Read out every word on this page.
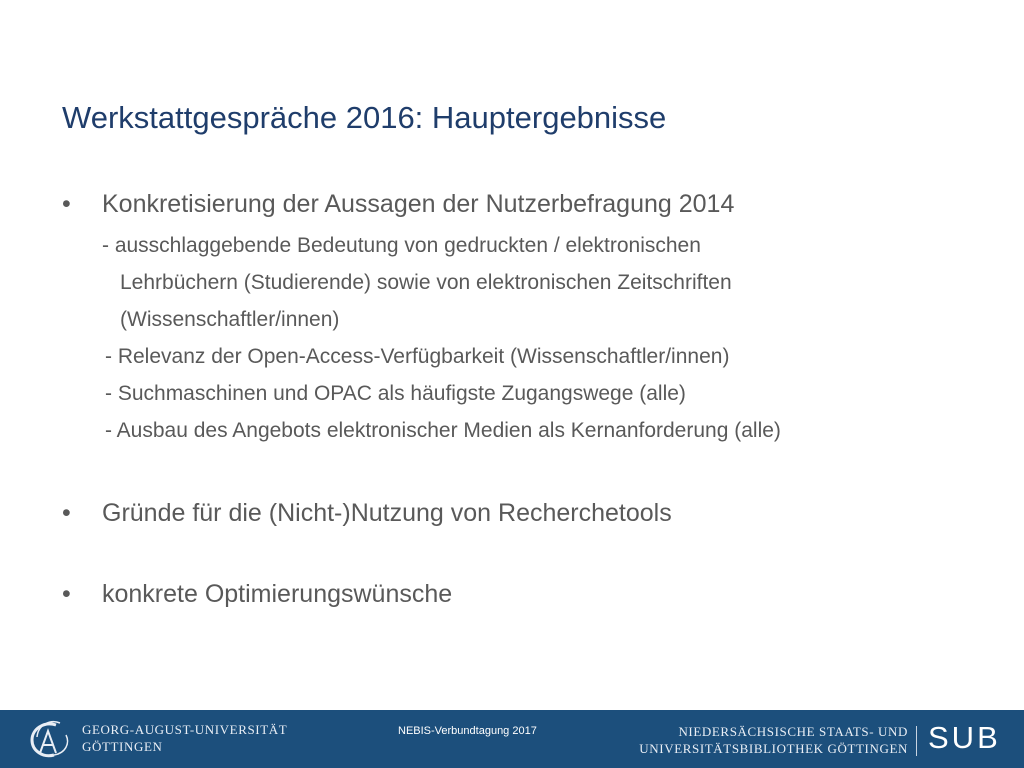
Werkstattgespräche 2016: Hauptergebnisse
• Konkretisierung der Aussagen der Nutzerbefragung 2014
- ausschlaggebende Bedeutung von gedruckten / elektronischen
Lehrbüchern (Studierende) sowie von elektronischen Zeitschriften
(Wissenschaftler/innen)
- Relevanz der Open-Access-Verfügbarkeit (Wissenschaftler/innen)
- Suchmaschinen und OPAC als häufigste Zugangswege (alle)
- Ausbau des Angebots elektronischer Medien als Kernanforderung (alle)
• Gründe für die (Nicht-)Nutzung von Recherchetools
• konkrete Optimierungswünsche
GEORG-AUGUST-UNIVERSITÄT
GÖTTINGEN
NEBIS-Verbundtagung 2017	NIEDERSÄCHSISCHE STAATS- UND
UNIVERSITÄTSBIBLIOTHEK GÖTTINGEN SUB
